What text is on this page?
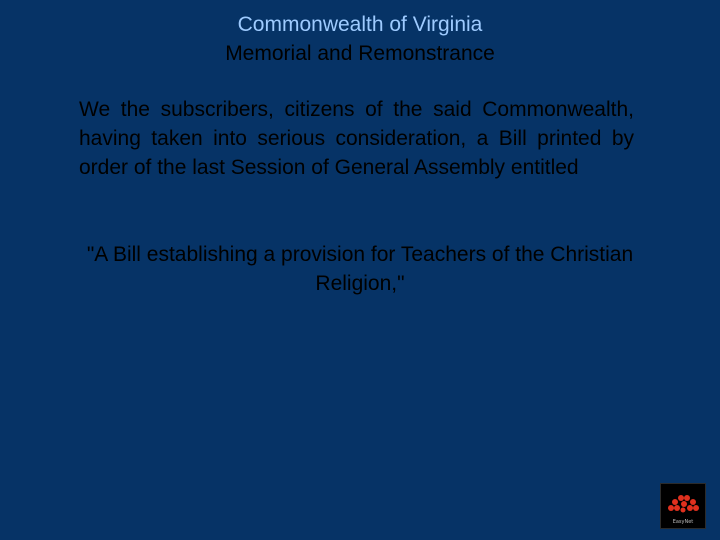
Commonwealth of Virginia
Memorial and Remonstrance
We the subscribers, citizens of the said Commonwealth, having taken into serious consideration, a Bill printed by order of the last Session of General Assembly entitled
"A Bill establishing a provision for Teachers of the Christian Religion,"
EasyNet
